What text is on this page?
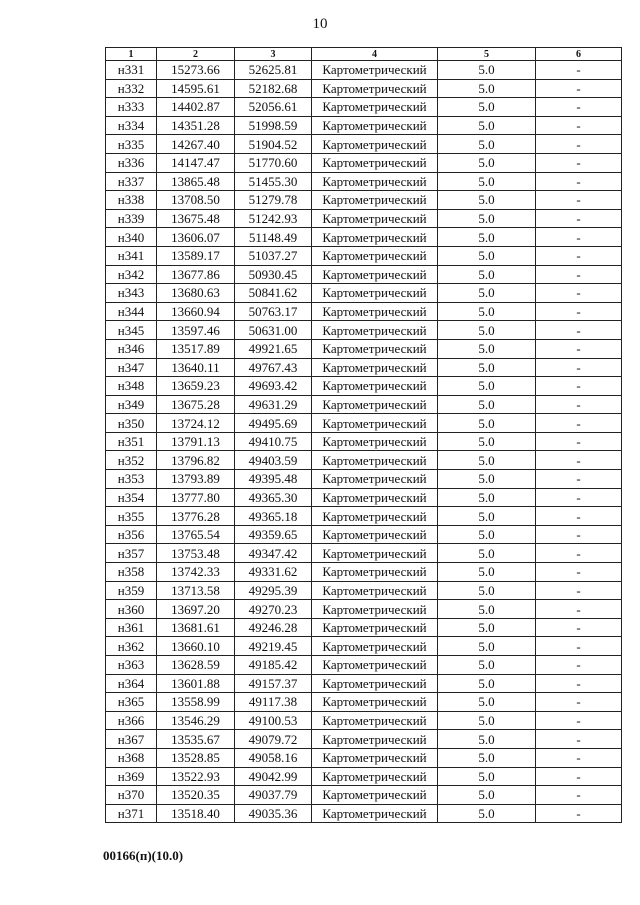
10
1	2	3	4	5	6
н331	15273.66	52625.81	Картометрический	5.0	-
н332	14595.61	52182.68	Картометрический	5.0	-
н333	14402.87	52056.61	Картометрический	5.0	-
н334	14351.28	51998.59	Картометрический	5.0	-
н335	14267.40	51904.52	Картометрический	5.0	-
н336	14147.47	51770.60	Картометрический	5.0	-
н337	13865.48	51455.30	Картометрический	5.0	-
н338	13708.50	51279.78	Картометрический	5.0	-
н339	13675.48	51242.93	Картометрический	5.0	-
н340	13606.07	51148.49	Картометрический	5.0	-
н341	13589.17	51037.27	Картометрический	5.0	-
н342	13677.86	50930.45	Картометрический	5.0	-
н343	13680.63	50841.62	Картометрический	5.0	-
н344	13660.94	50763.17	Картометрический	5.0	-
н345	13597.46	50631.00	Картометрический	5.0	-
н346	13517.89	49921.65	Картометрический	5.0	-
н347	13640.11	49767.43	Картометрический	5.0	-
н348	13659.23	49693.42	Картометрический	5.0	-
н349	13675.28	49631.29	Картометрический	5.0	-
н350	13724.12	49495.69	Картометрический	5.0	-
н351	13791.13	49410.75	Картометрический	5.0	-
н352	13796.82	49403.59	Картометрический	5.0	-
н353	13793.89	49395.48	Картометрический	5.0	-
н354	13777.80	49365.30	Картометрический	5.0	-
н355	13776.28	49365.18	Картометрический	5.0	-
н356	13765.54	49359.65	Картометрический	5.0	-
н357	13753.48	49347.42	Картометрический	5.0	-
н358	13742.33	49331.62	Картометрический	5.0	-
н359	13713.58	49295.39	Картометрический	5.0	-
н360	13697.20	49270.23	Картометрический	5.0	-
н361	13681.61	49246.28	Картометрический	5.0	-
н362	13660.10	49219.45	Картометрический	5.0	-
н363	13628.59	49185.42	Картометрический	5.0	-
н364	13601.88	49157.37	Картометрический	5.0	-
н365	13558.99	49117.38	Картометрический	5.0	-
н366	13546.29	49100.53	Картометрический	5.0	-
н367	13535.67	49079.72	Картометрический	5.0	-
н368	13528.85	49058.16	Картометрический	5.0	-
н369	13522.93	49042.99	Картометрический	5.0	-
н370	13520.35	49037.79	Картометрический	5.0	-
н371	13518.40	49035.36	Картометрический	5.0	-
00166(п)(10.0)
